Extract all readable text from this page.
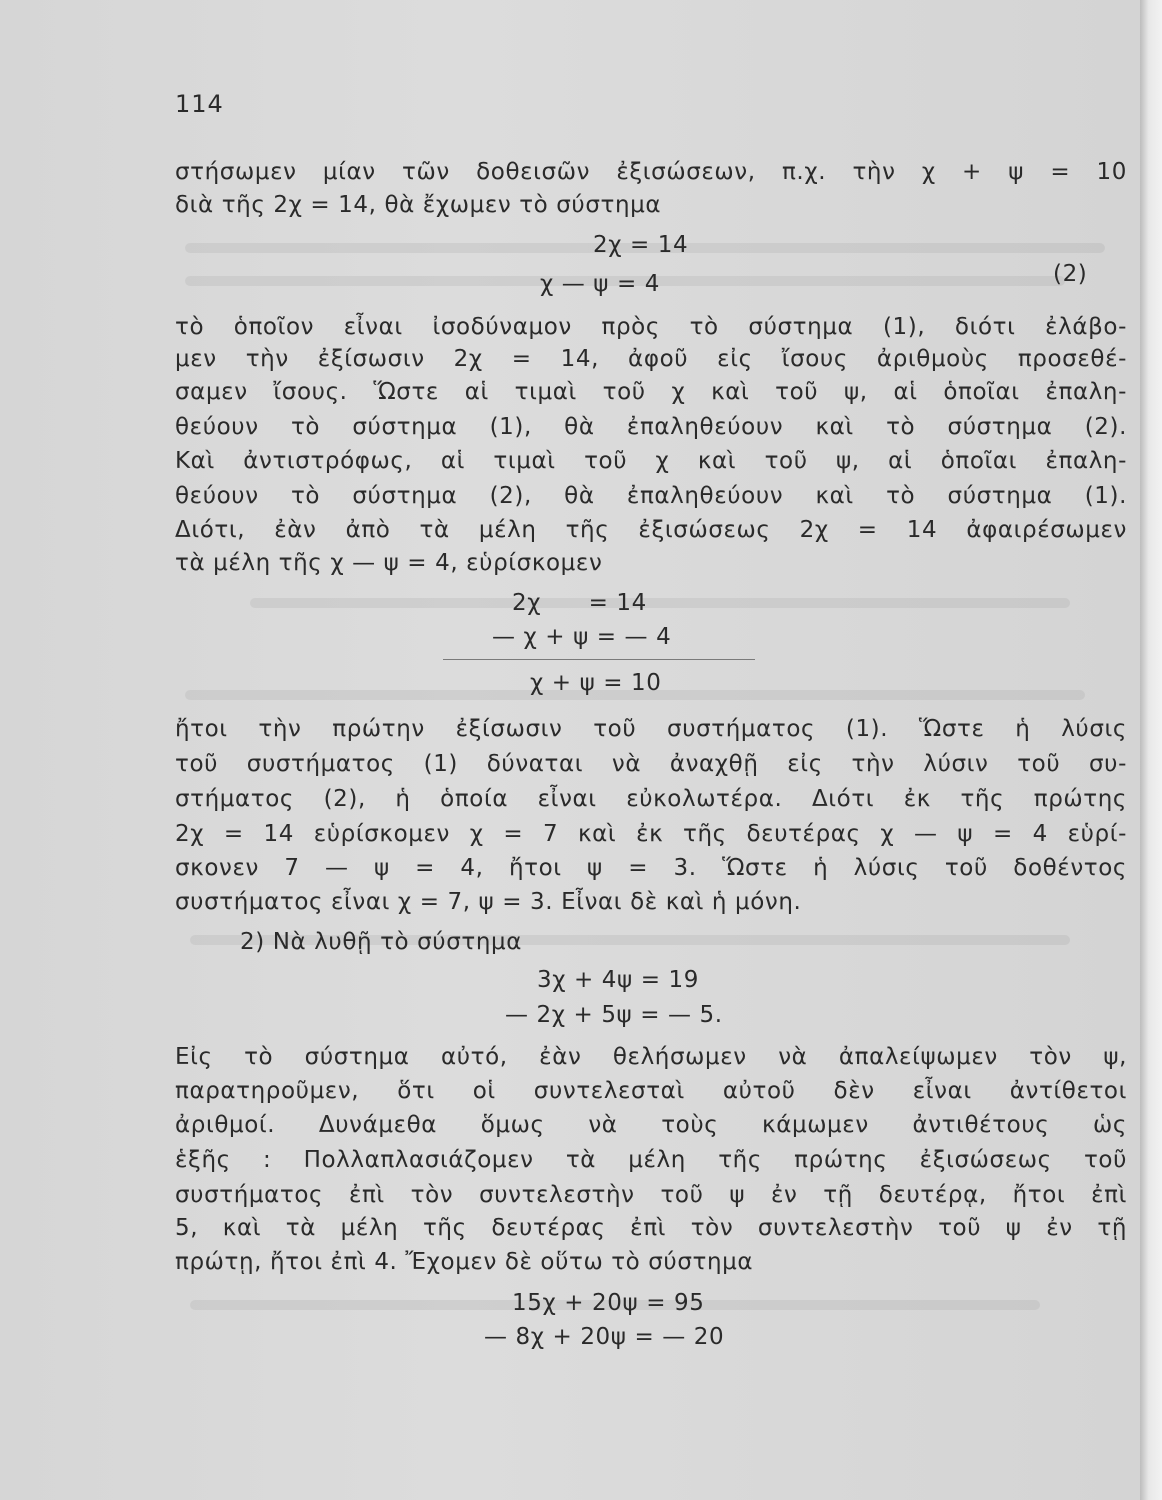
114
στήσωμεν μίαν τῶν δοθεισῶν ἐξισώσεων, π.χ. τὴν χ + ψ = 10
διὰ τῆς 2χ = 14, θὰ ἔχωμεν τὸ σύστημα
2χ = 14
χ — ψ = 4	(2)
τὸ ὁποῖον εἶναι ἰσοδύναμον πρὸς τὸ σύστημα (1), διότι ἐλάβο-
μεν τὴν ἐξίσωσιν 2χ = 14, ἀφοῦ εἰς ἴσους ἀριθμοὺς προσεθέ-
σαμεν ἴσους. Ὥστε αἱ τιμαὶ τοῦ χ καὶ τοῦ ψ, αἱ ὁποῖαι ἐπαλη-
θεύουν τὸ σύστημα (1), θὰ ἐπαληθεύουν καὶ τὸ σύστημα (2).
Καὶ ἀντιστρόφως, αἱ τιμαὶ τοῦ χ καὶ τοῦ ψ, αἱ ὁποῖαι ἐπαλη-
θεύουν τὸ σύστημα (2), θὰ ἐπαληθεύουν καὶ τὸ σύστημα (1).
Διότι, ἐὰν ἀπὸ τὰ μέλη τῆς ἐξισώσεως 2χ = 14 ἀφαιρέσωμεν
τὰ μέλη τῆς χ — ψ = 4, εὑρίσκομεν
2χ      = 14
— χ + ψ = — 4
χ + ψ = 10
ἤτοι τὴν πρώτην ἐξίσωσιν τοῦ συστήματος (1). Ὥστε ἡ λύσις
τοῦ συστήματος (1) δύναται νὰ ἀναχθῇ εἰς τὴν λύσιν τοῦ συ-
στήματος (2), ἡ ὁποία εἶναι εὐκολωτέρα. Διότι ἐκ τῆς πρώτης
2χ = 14 εὑρίσκομεν χ = 7 καὶ ἐκ τῆς δευτέρας χ — ψ = 4 εὑρί-
σκονεν 7 — ψ = 4, ἤτοι ψ = 3. Ὥστε ἡ λύσις τοῦ δοθέντος
συστήματος εἶναι χ = 7, ψ = 3. Εἶναι δὲ καὶ ἡ μόνη.
2) Νὰ λυθῇ τὸ σύστημα
3χ + 4ψ = 19
— 2χ + 5ψ = — 5.
Εἰς τὸ σύστημα αὐτό, ἐὰν θελήσωμεν νὰ ἀπαλείψωμεν τὸν ψ,
παρατηροῦμεν, ὅτι οἱ συντελεσταὶ αὐτοῦ δὲν εἶναι ἀντίθετοι
ἀριθμοί. Δυνάμεθα ὅμως νὰ τοὺς κάμωμεν ἀντιθέτους ὡς
ἑξῆς : Πολλαπλασιάζομεν τὰ μέλη τῆς πρώτης ἐξισώσεως τοῦ
συστήματος ἐπὶ τὸν συντελεστὴν τοῦ ψ ἐν τῇ δευτέρᾳ, ἤτοι ἐπὶ
5, καὶ τὰ μέλη τῆς δευτέρας ἐπὶ τὸν συντελεστὴν τοῦ ψ ἐν τῇ
πρώτῃ, ἤτοι ἐπὶ 4. Ἔχομεν δὲ οὕτω τὸ σύστημα
15χ + 20ψ = 95
— 8χ + 20ψ = — 20
